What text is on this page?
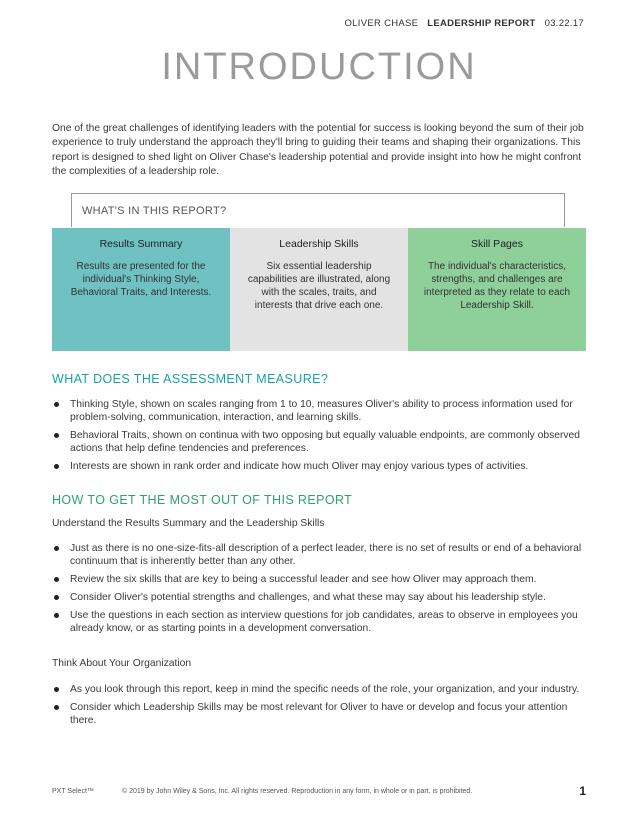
OLIVER CHASE LEADERSHIP REPORT 03.22.17
INTRODUCTION
One of the great challenges of identifying leaders with the potential for success is looking beyond the sum of their job experience to truly understand the approach they'll bring to guiding their teams and shaping their organizations. This report is designed to shed light on Oliver Chase's leadership potential and provide insight into how he might confront the complexities of a leadership role.
WHAT'S IN THIS REPORT?
Results Summary
Results are presented for the individual's Thinking Style, Behavioral Traits, and Interests.
Leadership Skills
Six essential leadership capabilities are illustrated, along with the scales, traits, and interests that drive each one.
Skill Pages
The individual's characteristics, strengths, and challenges are interpreted as they relate to each Leadership Skill.
WHAT DOES THE ASSESSMENT MEASURE?
Thinking Style, shown on scales ranging from 1 to 10, measures Oliver's ability to process information used for problem-solving, communication, interaction, and learning skills.
Behavioral Traits, shown on continua with two opposing but equally valuable endpoints, are commonly observed actions that help define tendencies and preferences.
Interests are shown in rank order and indicate how much Oliver may enjoy various types of activities.
HOW TO GET THE MOST OUT OF THIS REPORT
Understand the Results Summary and the Leadership Skills
Just as there is no one-size-fits-all description of a perfect leader, there is no set of results or end of a behavioral continuum that is inherently better than any other.
Review the six skills that are key to being a successful leader and see how Oliver may approach them.
Consider Oliver's potential strengths and challenges, and what these may say about his leadership style.
Use the questions in each section as interview questions for job candidates, areas to observe in employees you already know, or as starting points in a development conversation.
Think About Your Organization
As you look through this report, keep in mind the specific needs of the role, your organization, and your industry.
Consider which Leadership Skills may be most relevant for Oliver to have or develop and focus your attention there.
PXT Select™	© 2019 by John Wiley & Sons, Inc. All rights reserved. Reproduction in any form, in whole or in part, is prohibited.	1
